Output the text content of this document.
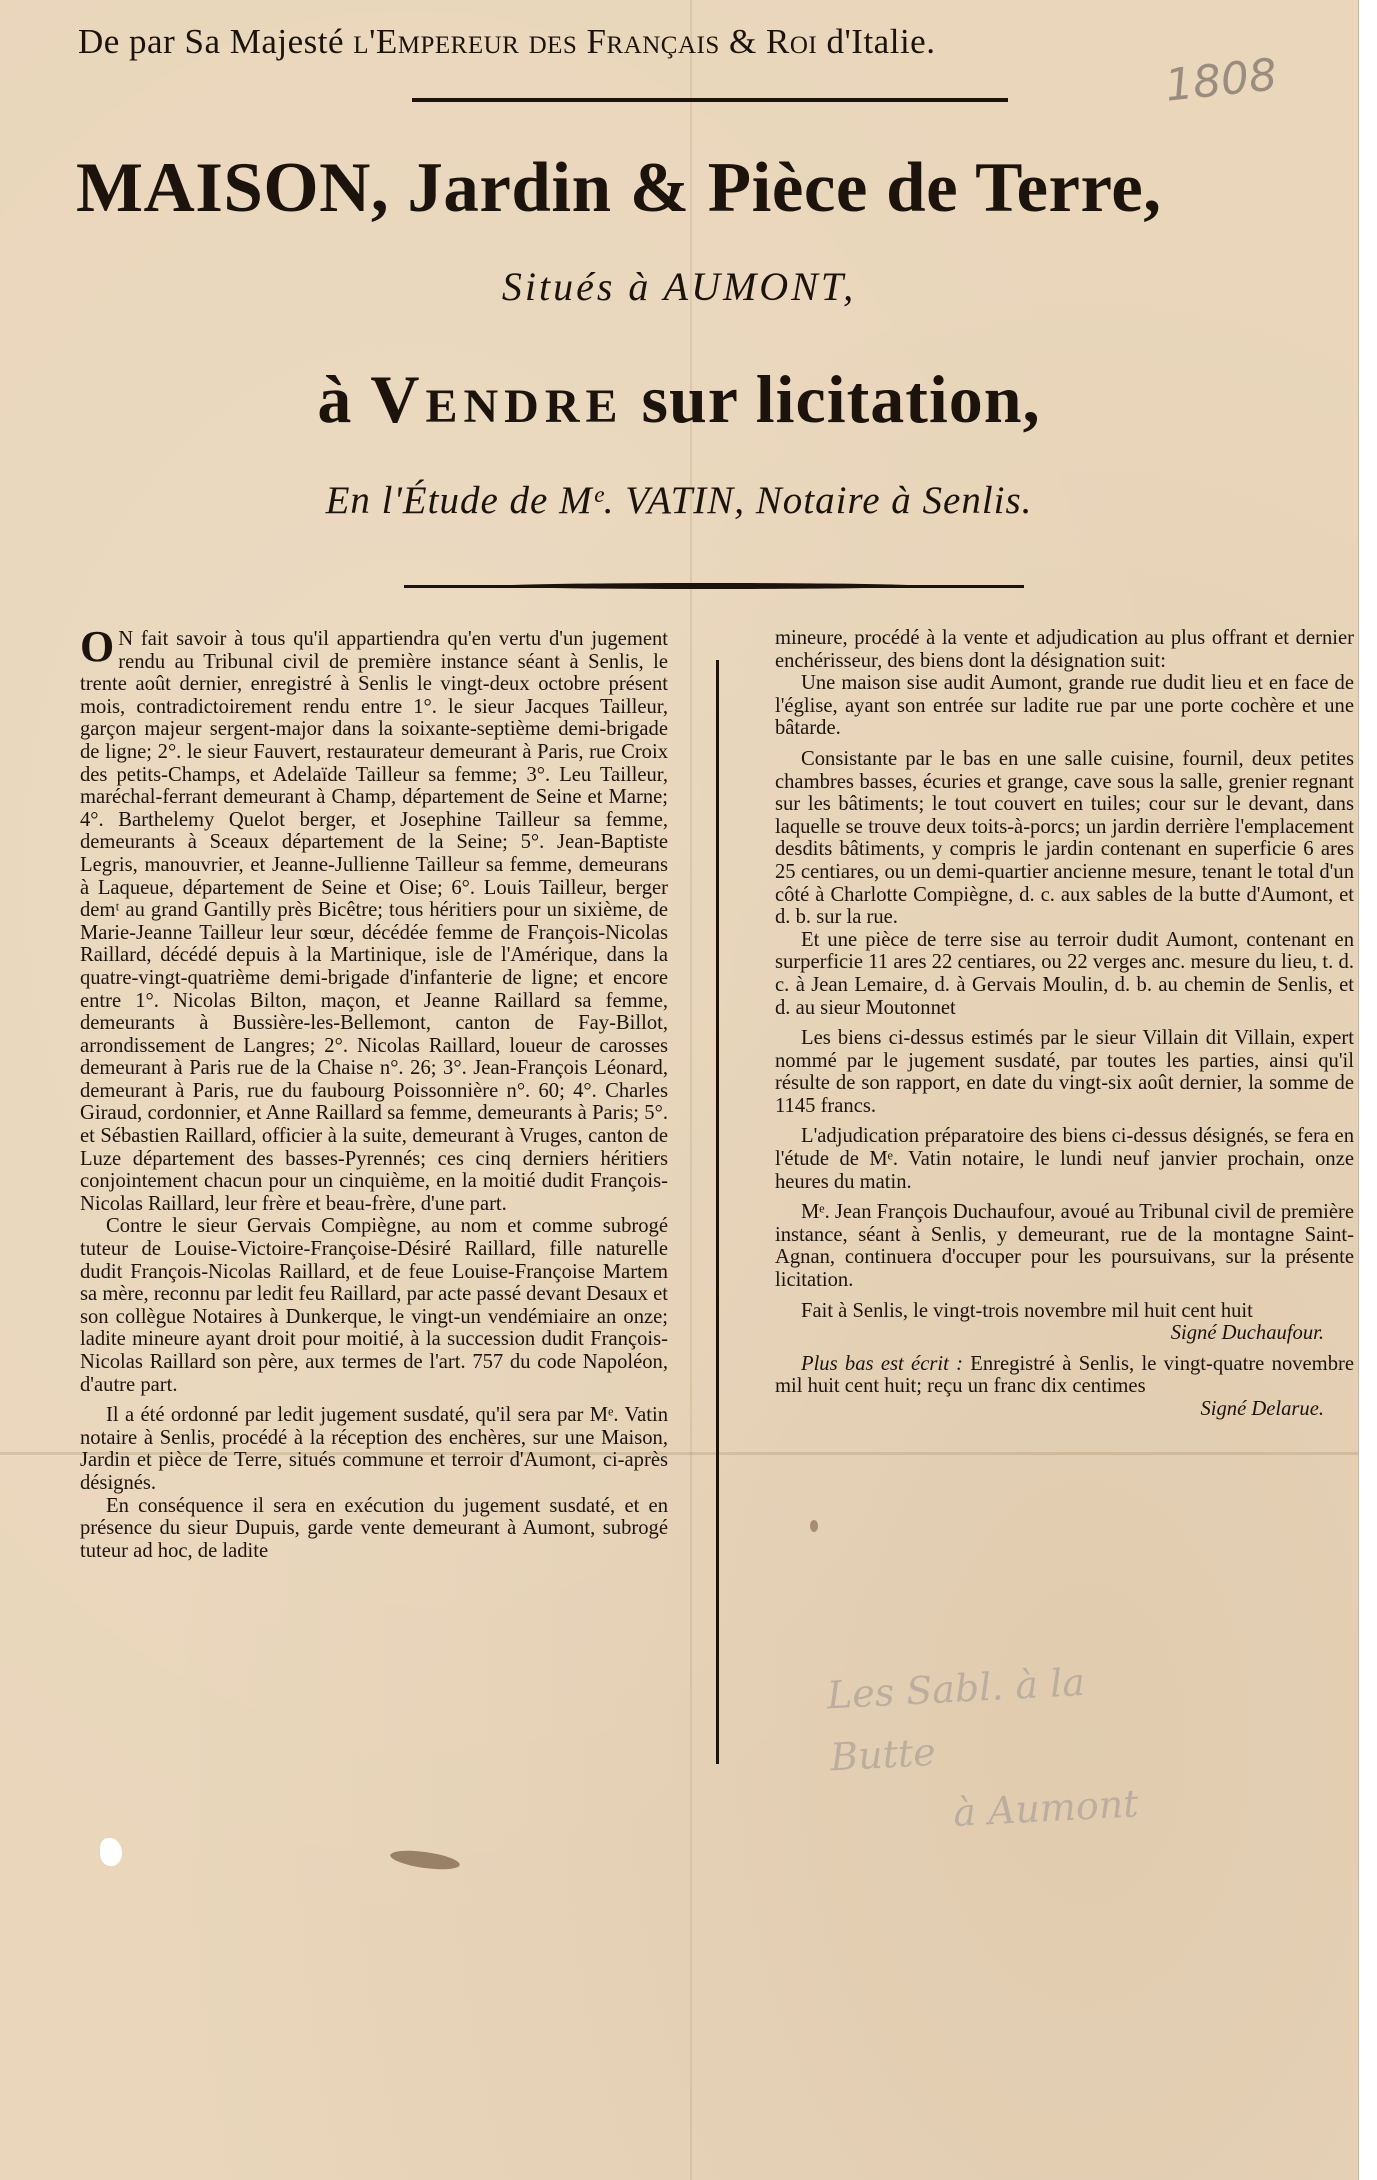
De par Sa Majesté l'Empereur des Français & Roi d'Italie.
1808
MAISON, Jardin & Pièce de Terre,
Situés à AUMONT,
à Vendre sur licitation,
En l'Étude de Mᵉ. VATIN, Notaire à Senlis.

O N fait savoir à tous qu'il appartiendra qu'en vertu d'un jugement rendu au Tribunal civil de première instance séant à Senlis, le trente août dernier, enregistré à Senlis le vingt-deux octobre présent mois, contradictoirement rendu entre 1°. le sieur Jacques Tailleur, garçon majeur sergent-major dans la soixante-septième demi-brigade de ligne; 2°. le sieur Fauvert, restaurateur demeurant à Paris, rue Croix des petits-Champs, et Adelaïde Tailleur sa femme; 3°. Leu Tailleur, maréchal-ferrant demeurant à Champ, département de Seine et Marne; 4°. Barthelemy Quelot berger, et Josephine Tailleur sa femme, demeurants à Sceaux département de la Seine; 5°. Jean-Baptiste Legris, manouvrier, et Jeanne-Jullienne Tailleur sa femme, demeurans à Laqueue, département de Seine et Oise; 6°. Louis Tailleur, berger demᵗ au grand Gantilly près Bicêtre; tous héritiers pour un sixième, de Marie-Jeanne Tailleur leur sœur, décédée femme de François-Nicolas Raillard, décédé depuis à la Martinique, isle de l'Amérique, dans la quatre-vingt-quatrième demi-brigade d'infanterie de ligne; et encore entre 1°. Nicolas Bilton, maçon, et Jeanne Raillard sa femme, demeurants à Bussière-les-Bellemont, canton de Fay-Billot, arrondissement de Langres; 2°. Nicolas Raillard, loueur de carosses demeurant à Paris rue de la Chaise n°. 26; 3°. Jean-François Léonard, demeurant à Paris, rue du faubourg Poissonnière n°. 60; 4°. Charles Giraud, cordonnier, et Anne Raillard sa femme, demeurants à Paris; 5°. et Sébastien Raillard, officier à la suite, demeurant à Vruges, canton de Luze département des basses-Pyrennés; ces cinq derniers héritiers conjointement chacun pour un cinquième, en la moitié dudit François-Nicolas Raillard, leur frère et beau-frère, d'une part.

Contre le sieur Gervais Compiègne, au nom et comme subrogé tuteur de Louise-Victoire-Françoise-Désiré Raillard, fille naturelle dudit François-Nicolas Raillard, et de feue Louise-Françoise Martem sa mère, reconnu par ledit feu Raillard, par acte passé devant Desaux et son collègue Notaires à Dunkerque, le vingt-un vendémiaire an onze; ladite mineure ayant droit pour moitié, à la succession dudit François-Nicolas Raillard son père, aux termes de l'art. 757 du code Napoléon, d'autre part.

Il a été ordonné par ledit jugement susdaté, qu'il sera par Mᵉ. Vatin notaire à Senlis, procédé à la réception des enchères, sur une Maison, Jardin et pièce de Terre, situés commune et terroir d'Aumont, ci-après désignés.

En conséquence il sera en exécution du jugement susdaté, et en présence du sieur Dupuis, garde vente demeurant à Aumont, subrogé tuteur ad hoc, de ladite

mineure, procédé à la vente et adjudication au plus offrant et dernier enchérisseur, des biens dont la désignation suit:

Une maison sise audit Aumont, grande rue dudit lieu et en face de l'église, ayant son entrée sur ladite rue par une porte cochère et une bâtarde.

Consistante par le bas en une salle cuisine, fournil, deux petites chambres basses, écuries et grange, cave sous la salle, grenier regnant sur les bâtiments; le tout couvert en tuiles; cour sur le devant, dans laquelle se trouve deux toits-à-porcs; un jardin derrière l'emplacement desdits bâtiments, y compris le jardin contenant en superficie 6 ares 25 centiares, ou un demi-quartier ancienne mesure, tenant le total d'un côté à Charlotte Compiègne, d. c. aux sables de la butte d'Aumont, et d. b. sur la rue.

Et une pièce de terre sise au terroir dudit Aumont, contenant en surperficie 11 ares 22 centiares, ou 22 verges anc. mesure du lieu, t. d. c. à Jean Lemaire, d. à Gervais Moulin, d. b. au chemin de Senlis, et d. au sieur Moutonnet

Les biens ci-dessus estimés par le sieur Villain dit Villain, expert nommé par le jugement susdaté, par toutes les parties, ainsi qu'il résulte de son rapport, en date du vingt-six août dernier, la somme de 1145 francs.

L'adjudication préparatoire des biens ci-dessus désignés, se fera en l'étude de Mᵉ. Vatin notaire, le lundi neuf janvier prochain, onze heures du matin.

Mᵉ. Jean François Duchaufour, avoué au Tribunal civil de première instance, séant à Senlis, y demeurant, rue de la montagne Saint-Agnan, continuera d'occuper pour les poursuivans, sur la présente licitation.

Fait à Senlis, le vingt-trois novembre mil huit cent huit

Signé Duchaufour.

Plus bas est écrit : Enregistré à Senlis, le vingt-quatre novembre mil huit cent huit; reçu un franc dix centimes

Signé Delarue.

Les Sabl. à la Butte
à Aumont
